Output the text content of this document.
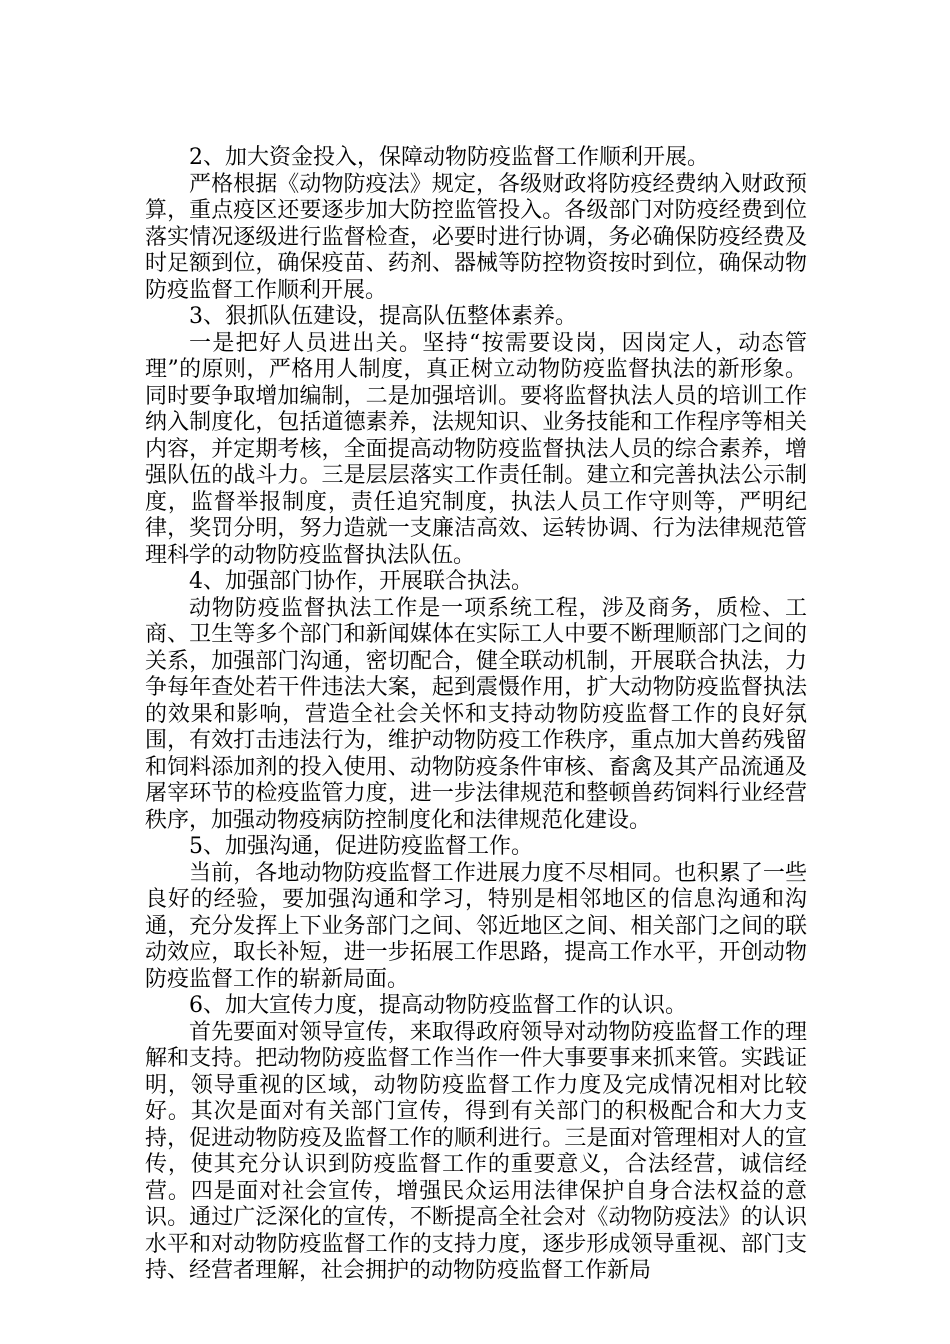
2、加大资金投入，保障动物防疫监督工作顺利开展。

严格根据《动物防疫法》规定，各级财政将防疫经费纳入财政预算，重点疫区还要逐步加大防控监管投入。各级部门对防疫经费到位落实情况逐级进行监督检查，必要时进行协调，务必确保防疫经费及时足额到位，确保疫苗、药剂、器械等防控物资按时到位，确保动物防疫监督工作顺利开展。

3、狠抓队伍建设，提高队伍整体素养。

一是把好人员进出关。坚持“按需要设岗，因岗定人，动态管理”的原则，严格用人制度，真正树立动物防疫监督执法的新形象。同时要争取增加编制，二是加强培训。要将监督执法人员的培训工作纳入制度化，包括道德素养，法规知识、业务技能和工作程序等相关内容，并定期考核，全面提高动物防疫监督执法人员的综合素养，增强队伍的战斗力。三是层层落实工作责任制。建立和完善执法公示制度，监督举报制度，责任追究制度，执法人员工作守则等，严明纪律，奖罚分明，努力造就一支廉洁高效、运转协调、行为法律规范管理科学的动物防疫监督执法队伍。

4、加强部门协作，开展联合执法。

动物防疫监督执法工作是一项系统工程，涉及商务，质检、工商、卫生等多个部门和新闻媒体在实际工人中要不断理顺部门之间的关系，加强部门沟通，密切配合，健全联动机制，开展联合执法，力争每年查处若干件违法大案，起到震慑作用，扩大动物防疫监督执法的效果和影响，营造全社会关怀和支持动物防疫监督工作的良好氛围，有效打击违法行为，维护动物防疫工作秩序，重点加大兽药残留和饲料添加剂的投入使用、动物防疫条件审核、畜禽及其产品流通及屠宰环节的检疫监管力度，进一步法律规范和整顿兽药饲料行业经营秩序，加强动物疫病防控制度化和法律规范化建设。

5、加强沟通，促进防疫监督工作。

当前，各地动物防疫监督工作进展力度不尽相同。也积累了一些良好的经验，要加强沟通和学习，特别是相邻地区的信息沟通和沟通，充分发挥上下业务部门之间、邻近地区之间、相关部门之间的联动效应，取长补短，进一步拓展工作思路，提高工作水平，开创动物防疫监督工作的崭新局面。

6、加大宣传力度，提高动物防疫监督工作的认识。

首先要面对领导宣传，来取得政府领导对动物防疫监督工作的理解和支持。把动物防疫监督工作当作一件大事要事来抓来管。实践证明，领导重视的区域，动物防疫监督工作力度及完成情况相对比较好。其次是面对有关部门宣传，得到有关部门的积极配合和大力支持，促进动物防疫及监督工作的顺利进行。三是面对管理相对人的宣传，使其充分认识到防疫监督工作的重要意义，合法经营，诚信经营。四是面对社会宣传，增强民众运用法律保护自身合法权益的意识。通过广泛深化的宣传，不断提高全社会对《动物防疫法》的认识水平和对动物防疫监督工作的支持力度，逐步形成领导重视、部门支持、经营者理解，社会拥护的动物防疫监督工作新局
